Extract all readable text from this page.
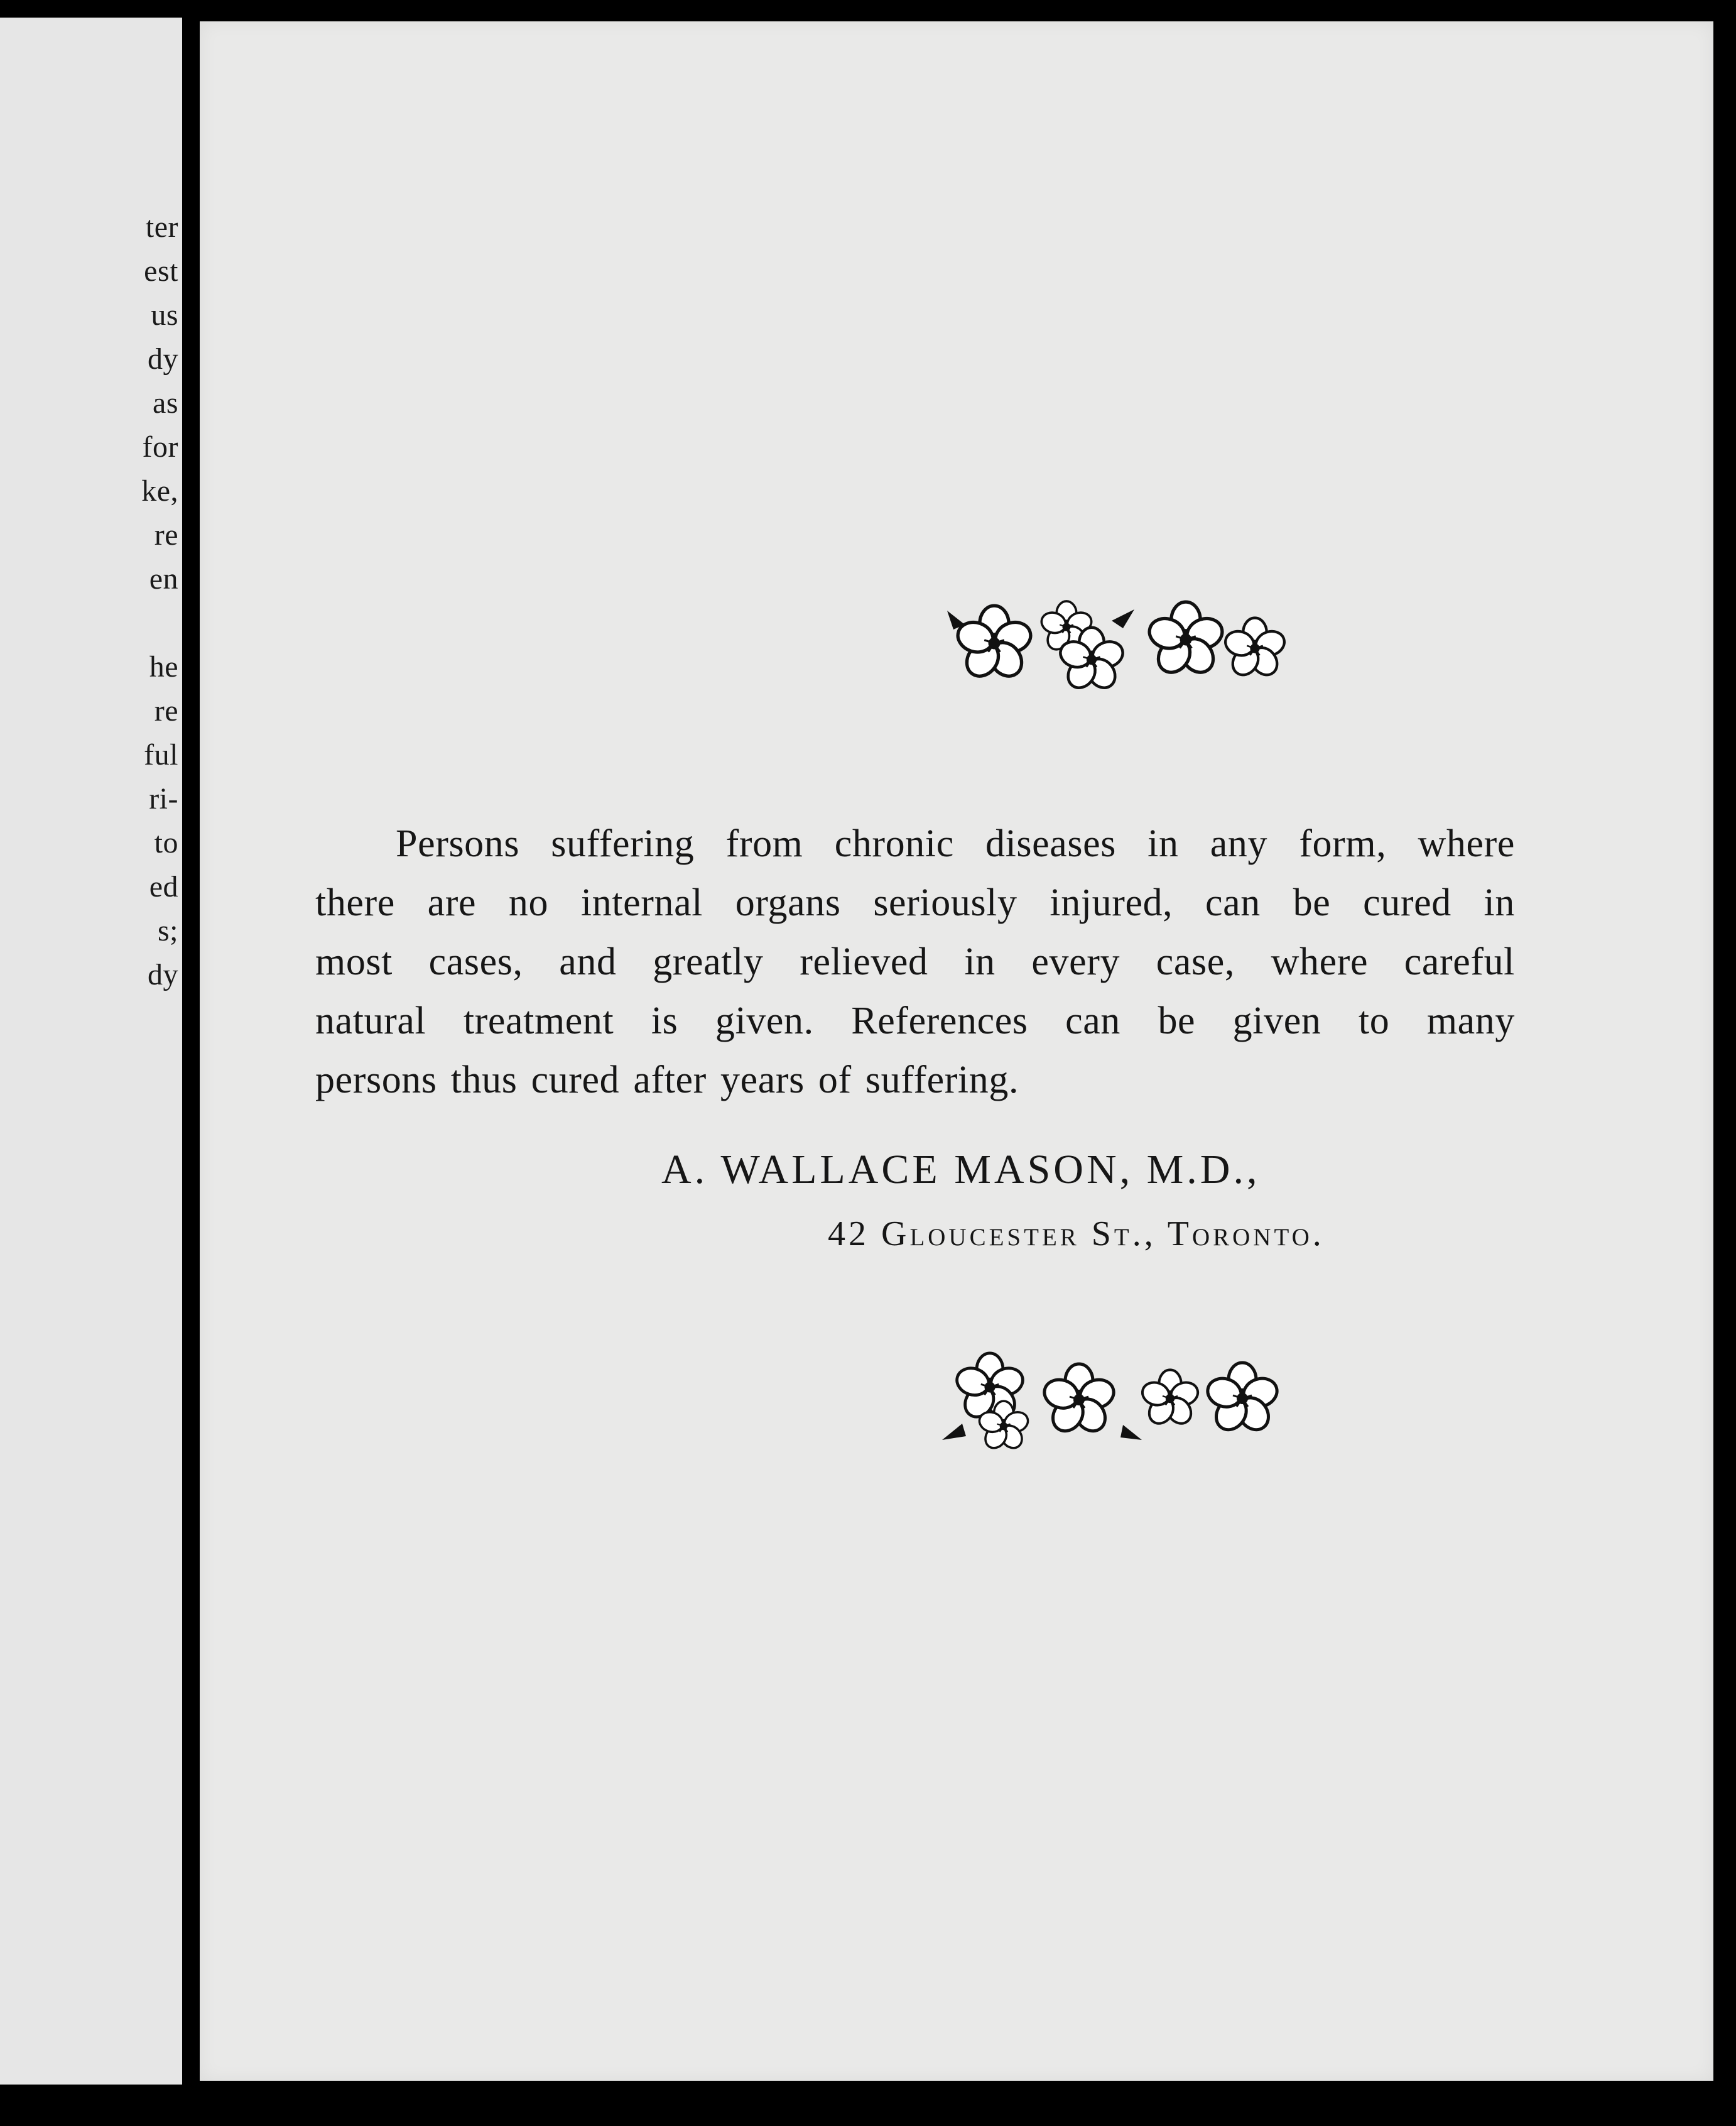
ter
est
us
dy
as
for
ke,
re
en
he
re
ful
ri-
to
ed
s;
dy
Persons suffering from chronic diseases in any form, where
there are no internal organs seriously injured, can be cured in
most cases, and greatly relieved in every case, where careful
natural treatment is given. References can be given to many
persons thus cured after years of suffering.
A. WALLACE MASON, M.D.,
42 Gloucester St., Toronto.
